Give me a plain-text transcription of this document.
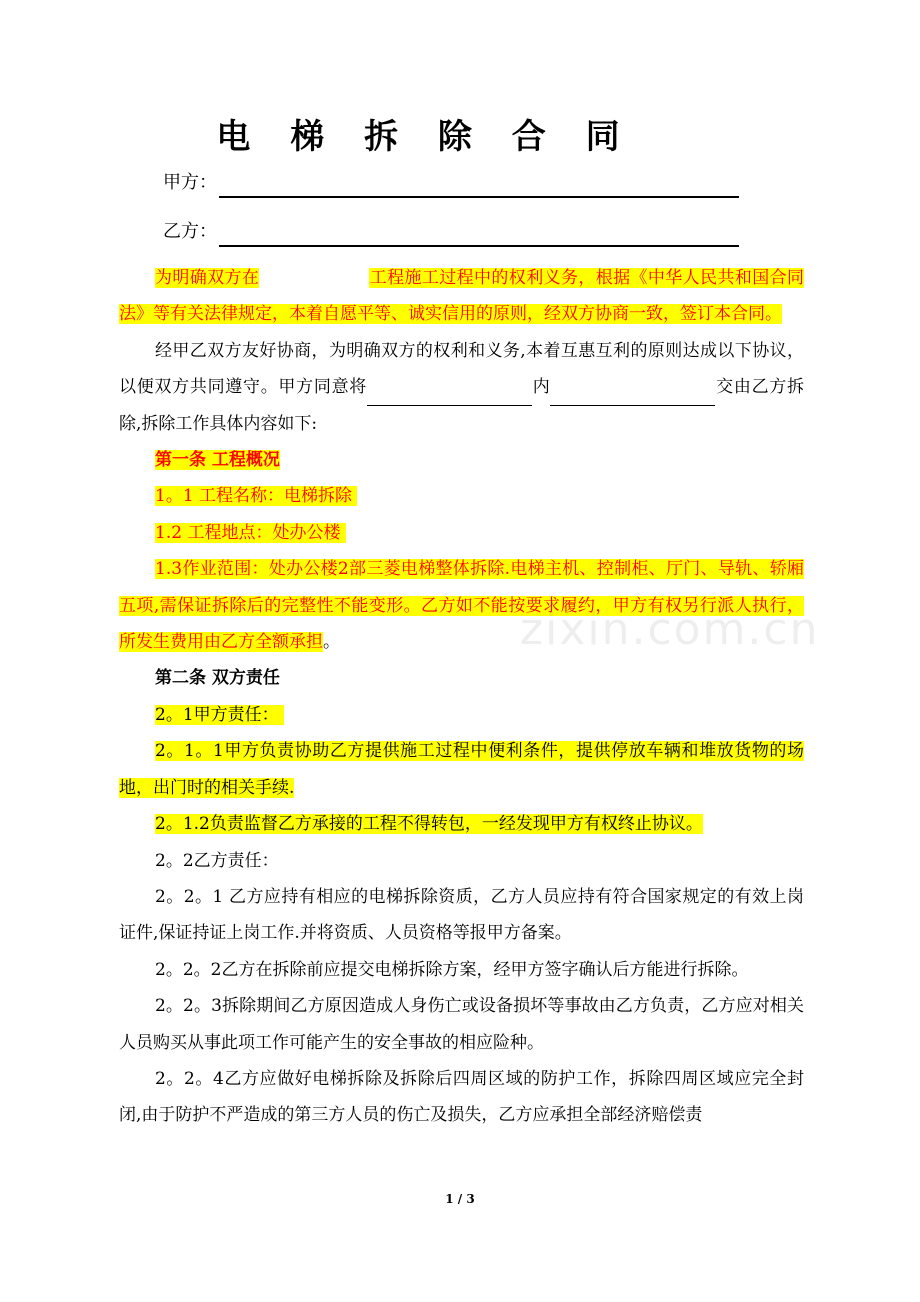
电 梯 拆 除 合 同
甲方：
乙方：

为明确双方在	工程施工过程中的权利义务，根据《中华人民共和国合同法》等有关法律规定，本着自愿平等、诚实信用的原则，经双方协商一致，签订本合同。

经甲乙双方友好协商，为明确双方的权利和义务,本着互惠互利的原则达成以下协议，以便双方共同遵守。甲方同意将	内	交由乙方拆除,拆除工作具体内容如下:

第一条 工程概况

1。1 工程名称：电梯拆除

1.2 工程地点：处办公楼

1.3作业范围：处办公楼2部三菱电梯整体拆除.电梯主机、控制柜、厅门、导轨、轿厢五项,需保证拆除后的完整性不能变形。乙方如不能按要求履约，甲方有权另行派人执行，所发生费用由乙方全额承担。

第二条 双方责任

2。1甲方责任：

2。1。1甲方负责协助乙方提供施工过程中便利条件，提供停放车辆和堆放货物的场地，出门时的相关手续.

2。1.2负责监督乙方承接的工程不得转包，一经发现甲方有权终止协议。

2。2乙方责任：

2。2。1 乙方应持有相应的电梯拆除资质，乙方人员应持有符合国家规定的有效上岗证件,保证持证上岗工作.并将资质、人员资格等报甲方备案。

2。2。2乙方在拆除前应提交电梯拆除方案，经甲方签字确认后方能进行拆除。

2。2。3拆除期间乙方原因造成人身伤亡或设备损坏等事故由乙方负责，乙方应对相关人员购买从事此项工作可能产生的安全事故的相应险种。

2。2。4乙方应做好电梯拆除及拆除后四周区域的防护工作，拆除四周区域应完全封闭,由于防护不严造成的第三方人员的伤亡及损失，乙方应承担全部经济赔偿责

zixin.com.cn
1 / 3
